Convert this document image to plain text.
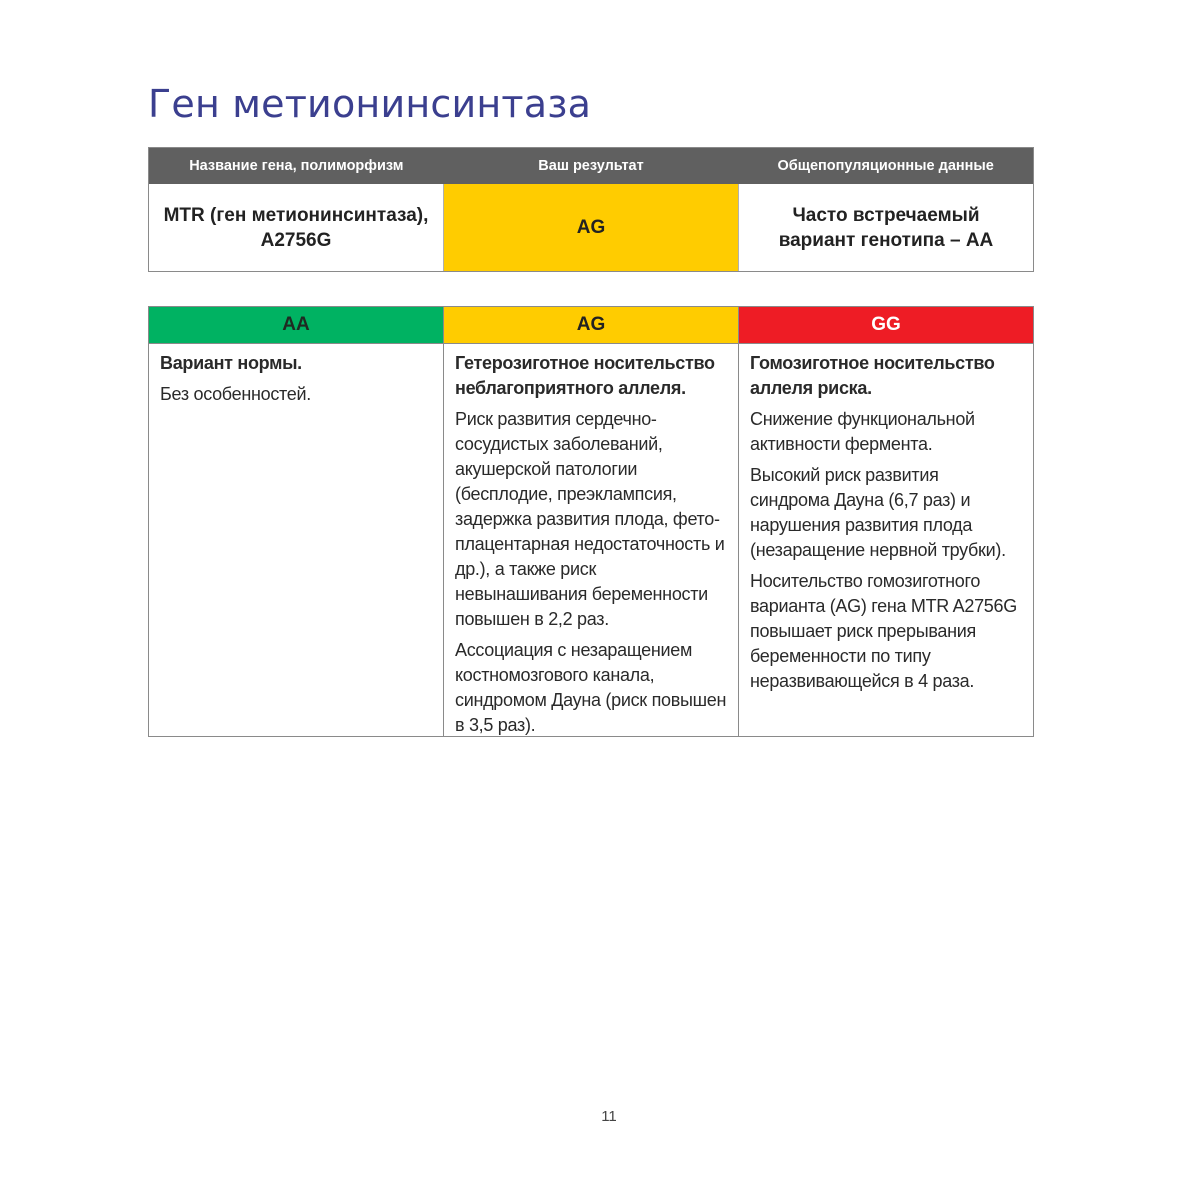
Ген метионинсинтаза
Название гена, полиморфизм	Ваш результат	Общепопуляционные данные
MTR (ген метионинсинтаза), A2756G
AG
Часто встречаемый вариант генотипа – AA
AA

Вариант нормы.

Без особенностей.

AG

Гетерозиготное носительство неблагоприятного аллеля.

Риск развития сердечно-сосудистых заболеваний, акушерской патологии (бесплодие, преэклампсия, задержка развития плода, фето-плацентарная недостаточность и др.), а также риск невынашивания беременности повышен в 2,2 раз.

Ассоциация с незаращением костномозгового канала, синдромом Дауна (риск повышен в 3,5 раз).

GG

Гомозиготное носительство аллеля риска.

Снижение функциональной активности фермента.

Высокий риск развития синдрома Дауна (6,7 раз) и нарушения развития плода (незаращение нервной трубки).

Носительство гомозиготного варианта (AG) гена MTR A2756G повышает риск прерывания беременности по типу неразвивающейся в 4 раза.

11
